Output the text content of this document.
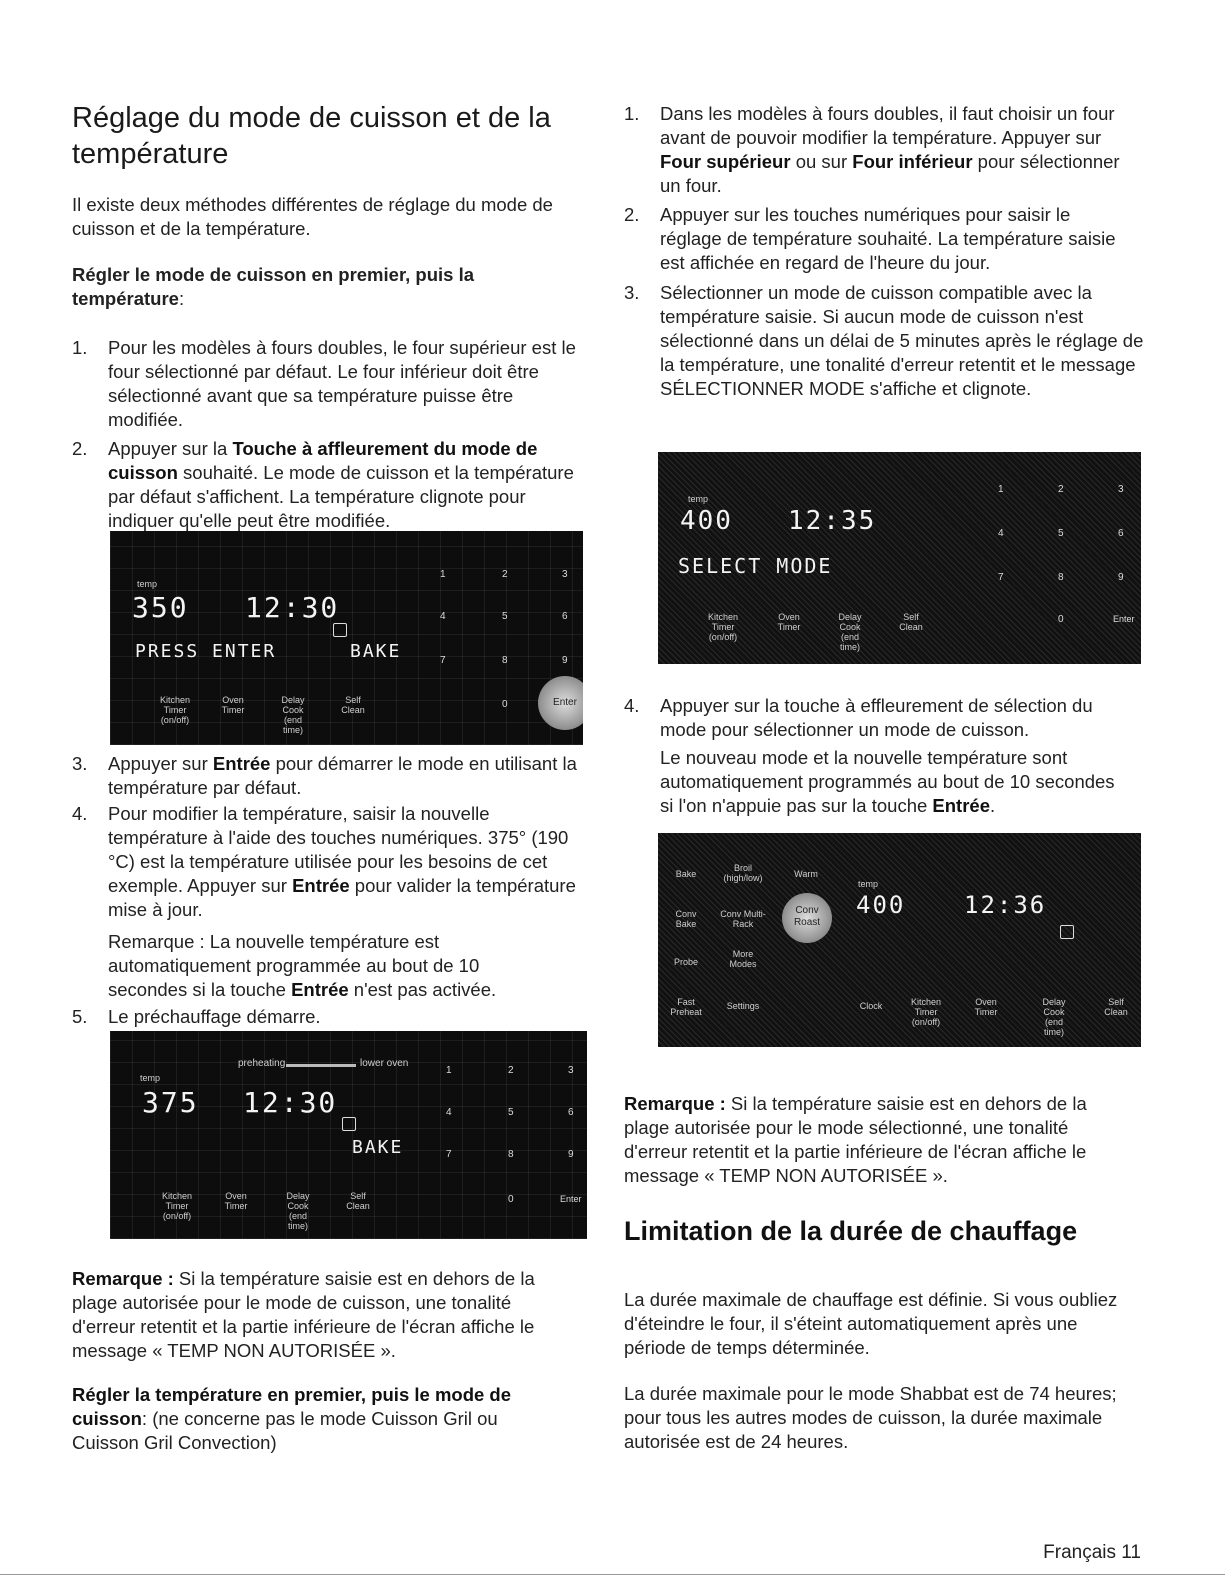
Réglage du mode de cuisson et de la température

Il existe deux méthodes différentes de réglage du mode de cuisson et de la température.

Régler le mode de cuisson en premier, puis la température:

1.	Pour les modèles à fours doubles, le four supérieur est le four sélectionné par défaut. Le four inférieur doit être sélectionné avant que sa température puisse être modifiée.
2.	Appuyer sur la Touche à affleurement du mode de cuisson souhaité. Le mode de cuisson et la température par défaut s'affichent. La température clignote pour indiquer qu'elle peut être modifiée.
temp
350 12:30
PRESS ENTER	BAKE
1	2	3
4	5	6
7	8	9
0	Enter
Kitchen Timer
(on/off)
Oven Timer
Delay Cook
(end time)
Self Clean
3.	Appuyer sur Entrée pour démarrer le mode en utilisant la température par défaut.
4.	Pour modifier la température, saisir la nouvelle température à l'aide des touches numériques. 375° (190 °C) est la température utilisée pour les besoins de cet exemple. Appuyer sur Entrée pour valider la température mise à jour.

Remarque : La nouvelle température est automatiquement programmée au bout de 10 secondes si la touche Entrée n'est pas activée.

5.	Le préchauffage démarre.
preheating	lower oven
temp
375 12:30
BAKE
1	2	3
4	5	6
7	8	9
0	Enter
Kitchen Timer
(on/off)
Oven Timer
Delay Cook
(end time)
Self Clean

Remarque : Si la température saisie est en dehors de la plage autorisée pour le mode de cuisson, une tonalité d'erreur retentit et la partie inférieure de l'écran affiche le message « TEMP NON AUTORISÉE ».

Régler la température en premier, puis le mode de cuisson: (ne concerne pas le mode Cuisson Gril ou Cuisson Gril Convection)

1.	Dans les modèles à fours doubles, il faut choisir un four avant de pouvoir modifier la température. Appuyer sur Four supérieur ou sur Four inférieur pour sélectionner un four.
2.	Appuyer sur les touches numériques pour saisir le réglage de température souhaité. La température saisie est affichée en regard de l'heure du jour.
3.	Sélectionner un mode de cuisson compatible avec la température saisie. Si aucun mode de cuisson n'est sélectionné dans un délai de 5 minutes après le réglage de la température, une tonalité d'erreur retentit et le message SÉLECTIONNER MODE s'affiche et clignote.
temp
400 12:35
SELECT MODE
1	2	3
4	5	6
7	8	9
0	Enter
Kitchen Timer
(on/off)
Oven Timer
Delay Cook
(end time)
Self Clean
4.	Appuyer sur la touche à effleurement de sélection du mode pour sélectionner un mode de cuisson.

Le nouveau mode et la nouvelle température sont automatiquement programmés au bout de 10 secondes si l'on n'appuie pas sur la touche Entrée.

Bake
Broil (high/low)	Warm
Conv Bake
Conv Multi-Rack
Conv Roast
Probe
More Modes
Fast Preheat
Settings	Clock
temp
400 12:36
Kitchen Timer
(on/off)
Oven Timer
Delay Cook
(end time)
Self Clean

Remarque : Si la température saisie est en dehors de la plage autorisée pour le mode sélectionné, une tonalité d'erreur retentit et la partie inférieure de l'écran affiche le message « TEMP NON AUTORISÉE ».

Limitation de la durée de chauffage

La durée maximale de chauffage est définie. Si vous oubliez d'éteindre le four, il s'éteint automatiquement après une période de temps déterminée.

La durée maximale pour le mode Shabbat est de 74 heures; pour tous les autres modes de cuisson, la durée maximale autorisée est de 24 heures.

Français 11
